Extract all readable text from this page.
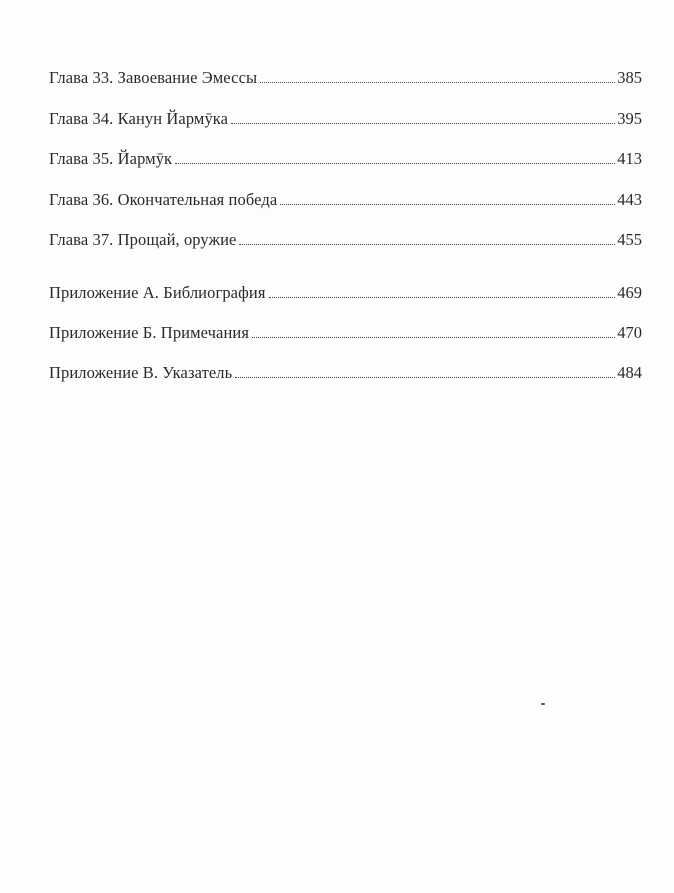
Глава 33. Завоевание Эмессы	385
Глава 34. Канун Йармӯка	395
Глава 35. Йармӯк	413
Глава 36. Окончательная победа	443
Глава 37. Прощай, оружие	455
Приложение А. Библиография	469
Приложение Б. Примечания	470
Приложение В. Указатель	484
